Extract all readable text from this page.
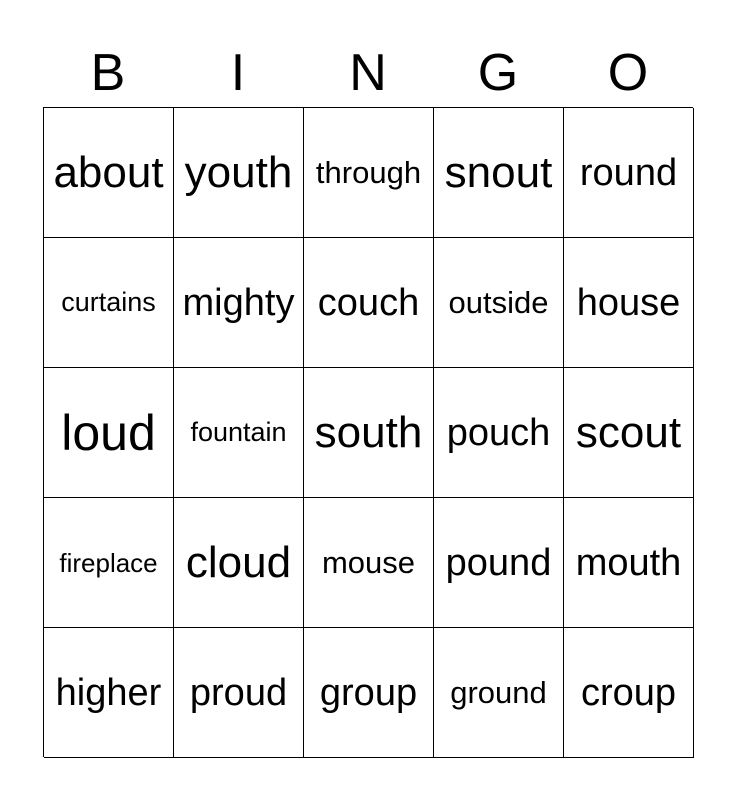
B	I	N	G	O
about youth through snout round
curtains mighty couch outside house
loud	fountain south pouch scout
fireplace cloud mouse pound mouth
higher proud group	ground croup
